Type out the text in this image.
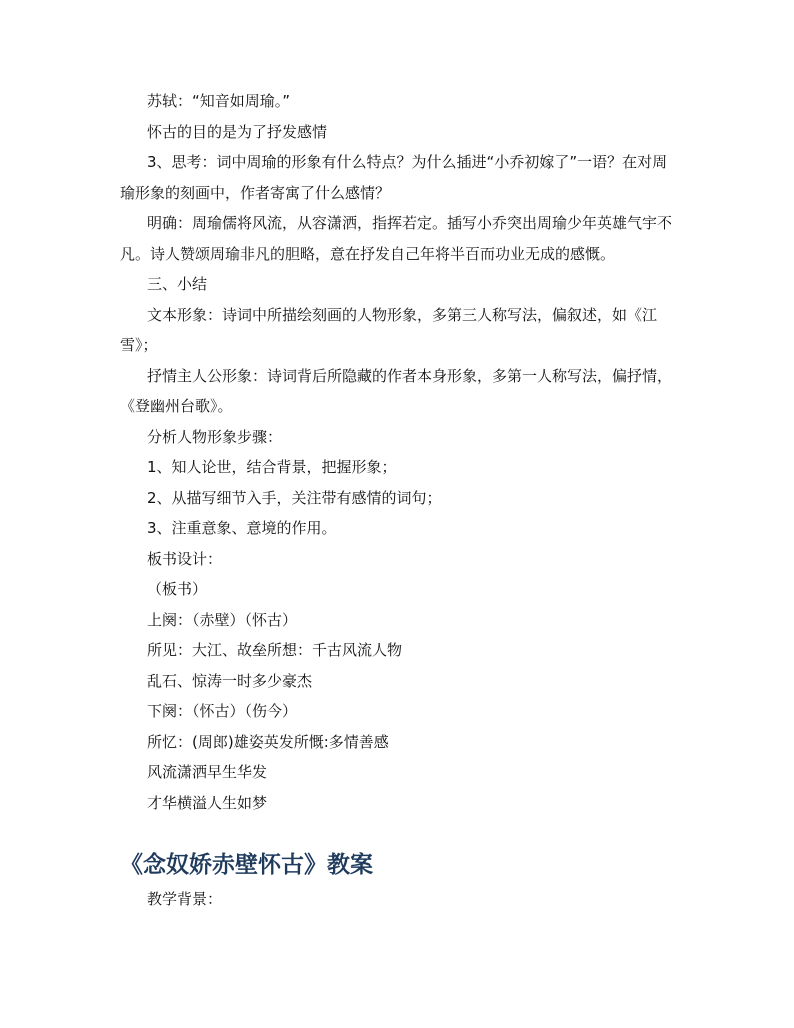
苏轼：“知音如周瑜。”

怀古的目的是为了抒发感情

3、思考：词中周瑜的形象有什么特点？为什么插进“小乔初嫁了”一语？在对周瑜形象的刻画中，作者寄寓了什么感情？

明确：周瑜儒将风流，从容潇洒，指挥若定。插写小乔突出周瑜少年英雄气宇不凡。诗人赞颂周瑜非凡的胆略，意在抒发自己年将半百而功业无成的感慨。

三、小结

文本形象：诗词中所描绘刻画的人物形象，多第三人称写法，偏叙述，如《江雪》；

抒情主人公形象：诗词背后所隐藏的作者本身形象，多第一人称写法，偏抒情，《登幽州台歌》。

分析人物形象步骤：

1、知人论世，结合背景，把握形象；

2、从描写细节入手，关注带有感情的词句；

3、注重意象、意境的作用。

板书设计：

（板书）

上阕：（赤壁）（怀古）

所见：大江、故垒所想：千古风流人物

乱石、惊涛一时多少豪杰

下阕：（怀古）（伤今）

所忆：(周郎)雄姿英发所慨:多情善感

风流潇洒早生华发

才华横溢人生如梦

《念奴娇赤壁怀古》教案

教学背景：
